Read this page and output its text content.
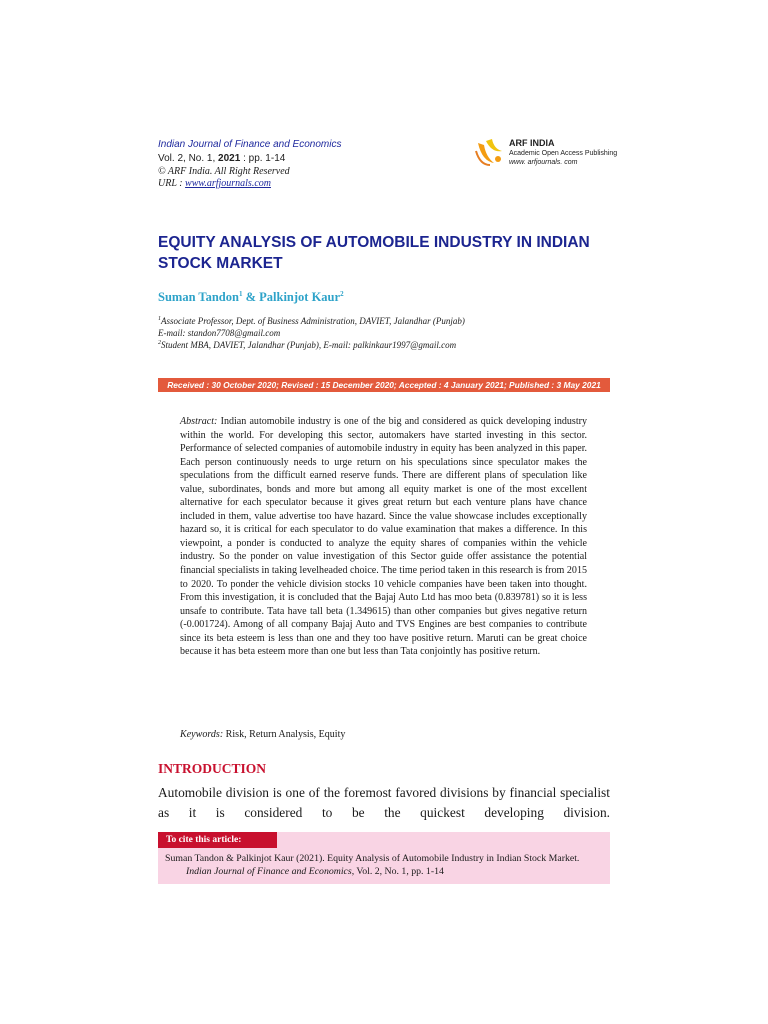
Indian Journal of Finance and Economics
Vol. 2, No. 1, 2021 : pp. 1-14
© ARF India. All Right Reserved
URL : www.arfjournals.com
ARF INDIA
Academic Open Access Publishing
www. arfjournals. com
EQUITY ANALYSIS OF AUTOMOBILE INDUSTRY IN INDIAN STOCK MARKET
Suman Tandon$^1$ & Palkinjot Kaur$^2$
$^1$Associate Professor, Dept. of Business Administration, DAVIET, Jalandhar (Punjab)
E-mail: standon7708@gmail.com
$^2$Student MBA, DAVIET, Jalandhar (Punjab), E-mail: palkinkaur1997@gmail.com
Received : 30 October 2020; Revised : 15 December 2020; Accepted : 4 January 2021; Published : 3 May 2021
Abstract: Indian automobile industry is one of the big and considered as quick developing industry within the world. For developing this sector, automakers have started investing in this sector. Performance of selected companies of automobile industry in equity has been analyzed in this paper. Each person continuously needs to urge return on his speculations since speculator makes the speculations from the difficult earned reserve funds. There are different plans of speculation like value, subordinates, bonds and more but among all equity market is one of the most excellent alternative for each speculator because it gives great return but each venture plans have chance included in them, value advertise too have hazard. Since the value showcase includes exceptionally hazard so, it is critical for each speculator to do value examination that makes a difference. In this viewpoint, a ponder is conducted to analyze the equity shares of companies within the vehicle industry. So the ponder on value investigation of this Sector guide offer assistance the potential financial specialists in taking levelheaded choice. The time period taken in this research is from 2015 to 2020. To ponder the vehicle division stocks 10 vehicle companies have been taken into thought. From this investigation, it is concluded that the Bajaj Auto Ltd has moo beta (0.839781) so it is less unsafe to contribute. Tata have tall beta (1.349615) than other companies but gives negative return (-0.001724). Among of all company Bajaj Auto and TVS Engines are best companies to contribute since its beta esteem is less than one and they too have positive return. Maruti can be great choice because it has beta esteem more than one but less than Tata conjointly has positive return.
Keywords: Risk, Return Analysis, Equity
INTRODUCTION
Automobile division is one of the foremost favored divisions by financial specialist as it is considered to be the quickest developing division.
To cite this article:
Suman Tandon & Palkinjot Kaur (2021). Equity Analysis of Automobile Industry in Indian Stock Market. Indian Journal of Finance and Economics, Vol. 2, No. 1, pp. 1-14
